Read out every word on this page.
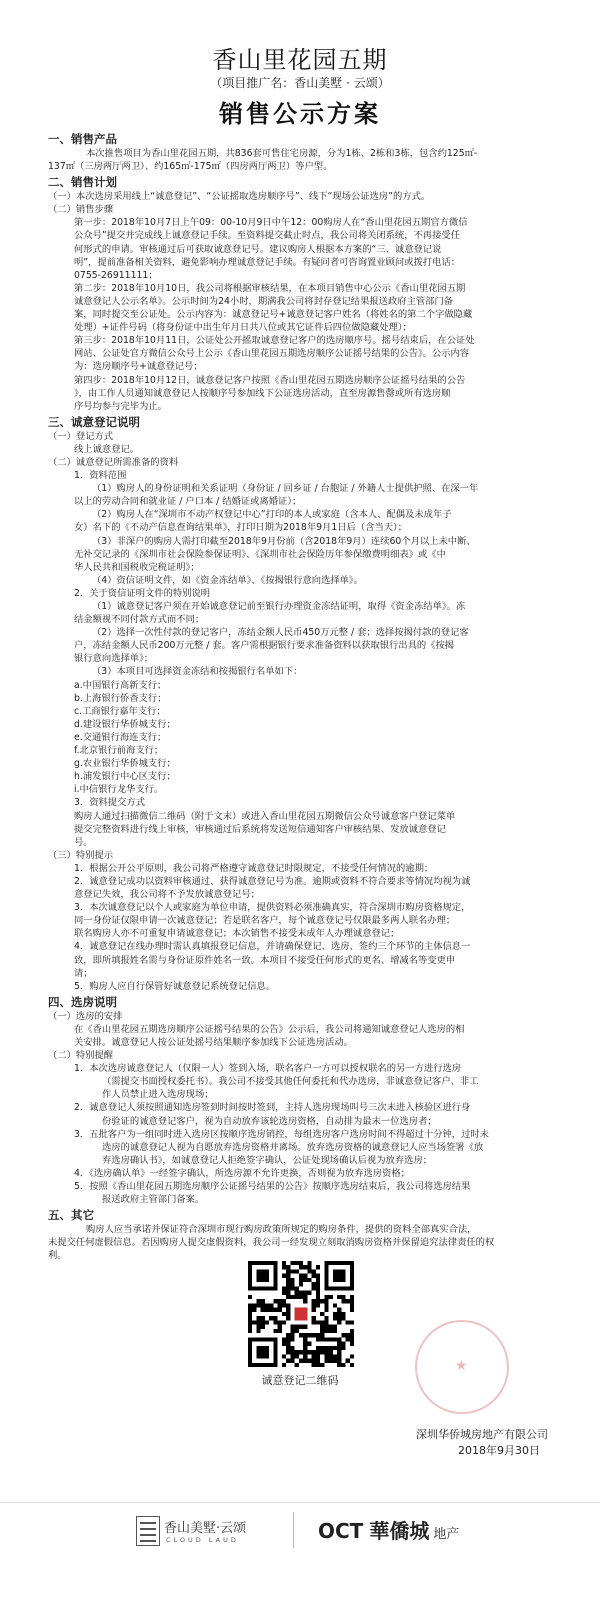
香山里花园五期
（项目推广名：香山美墅 · 云颂）
销售公示方案
一、销售产品
本次推售项目为香山里花园五期，共836套可售住宅房源，分为1栋、2栋和3栋，包含约125㎡-
137㎡（三房两厅两卫）、约165㎡-175㎡（四房两厅两卫）等户型。
二、销售计划
（一）本次选房采用线上“诚意登记”、“公证摇取选房顺序号”、线下“现场公证选房”的方式。
（二）销售步骤
第一步：2018年10月7日上午09：00-10月9日中午12：00购房人在“香山里花园五期官方微信
公众号”提交并完成线上诚意登记手续。至资料提交截止时点，我公司将关闭系统，不再接受任
何形式的申请。审核通过后可获取诚意登记号。建议购房人根据本方案的“三、诚意登记说
明”，提前准备相关资料，避免影响办理诚意登记手续。有疑问者可咨询置业顾问或拨打电话：
0755-26911111；
第二步：2018年10月10日，我公司将根据审核结果，在本项目销售中心公示《香山里花园五期
诚意登记人公示名单》。公示时间为24小时，期满我公司将封存登记结果报送政府主管部门备
案，同时提交至公证处。公示内容为：诚意登记号+诚意登记客户姓名（将姓名的第二个字做隐藏
处理）+证件号码（将身份证中出生年月日共八位或其它证件后四位做隐藏处理）；
第三步：2018年10月11日，公证处公开摇取诚意登记客户的选房顺序号。摇号结束后，在公证处
网站、公证处官方微信公众号上公示《香山里花园五期选房顺序公证摇号结果的公告》。公示内容
为：选房顺序号+诚意登记号；
第四步：2018年10月12日，诚意登记客户按照《香山里花园五期选房顺序公证摇号结果的公告
》，由工作人员通知诚意登记人按顺序号参加线下公证选房活动，直至房源售罄或所有选房顺
序号均参与完毕为止。
三、诚意登记说明
（一）登记方式
线上诚意登记。
（二）诚意登记所需准备的资料
1．资料范围
（1）购房人的身份证明和关系证明（身份证 / 回乡证 / 台胞证 / 外籍人士提供护照、在深一年
以上的劳动合同和就业证 / 户口本 / 结婚证或离婚证）；
（2）购房人在“深圳市不动产权登记中心”打印的本人或家庭（含本人、配偶及未成年子
女）名下的《不动产信息查询结果单》，打印日期为2018年9月1日后（含当天）；
（3）非深户的购房人需打印截至2018年9月份前（含2018年9月）连续60个月以上未中断、
无补交记录的《深圳市社会保险参保证明》、《深圳市社会保险历年参保缴费明细表》或《中
华人民共和国税收完税证明》；
（4）资信证明文件，如《资金冻结单》、《按揭银行意向选择单》。
2．关于资信证明文件的特别说明
（1）诚意登记客户须在开始诚意登记前至银行办理资金冻结证明，取得《资金冻结单》。冻
结金额视不同付款方式而不同；
（2）选择一次性付款的登记客户，冻结金额人民币450万元整 / 套；选择按揭付款的登记客
户，冻结金额人民币200万元整 / 套。客户需根据银行要求准备资料以获取银行出具的《按揭
银行意向选择单》；
（3）本项目可选择资金冻结和按揭银行名单如下：
a.中国银行高新支行；
b.上海银行侨香支行；
c.工商银行嘉年支行；
d.建设银行华侨城支行；
e.交通银行海连支行；
f.北京银行前海支行；
g.农业银行华侨城支行；
h.浦发银行中心区支行；
i.中信银行龙华支行。
3．资料提交方式
购房人通过扫描微信二维码（附于文末）或进入香山里花园五期微信公众号诚意客户登记菜单
提交完整资料进行线上审核，审核通过后系统将发送短信通知客户审核结果、发放诚意登记
号。
（三）特别提示
1．根据公开公平原则，我公司将严格遵守诚意登记时限规定，不接受任何情况的逾期；
2．诚意登记成功以资料审核通过、获得诚意登记号为准。逾期或资料不符合要求等情况均视为诚
意登记失效，我公司将不予发放诚意登记号；
3．本次诚意登记以个人或家庭为单位申请，提供资料必须准确真实，符合深圳市购房资格规定，
同一身份证仅限申请一次诚意登记；若是联名客户，每个诚意登记号仅限最多两人联名办理；
联名购房人亦不可重复申请诚意登记；本次销售不接受未成年人办理诚意登记；
4．诚意登记在线办理时需认真填报登记信息，并请确保登记、选房、签约三个环节的主体信息一
致，即所填报姓名需与身份证原件姓名一致。本项目不接受任何形式的更名、增减名等变更申
请；
5．购房人应自行保管好诚意登记系统登记信息。
四、选房说明
（一）选房的安排
在《香山里花园五期选房顺序公证摇号结果的公告》公示后，我公司将通知诚意登记人选房的相
关安排。诚意登记人按公证处摇号结果顺序参加线下公证选房活动。
（二）特别提醒
1．本次选房诚意登记人（仅限一人）签到入场，联名客户一方可以授权联名的另一方进行选房
（需提交书面授权委托书）。我公司不接受其他任何委托和代办选房，非诚意登记客户、非工
作人员禁止进入选房现场；
2．诚意登记人须按照通知选房签到时间按时签到，主持人选房现场叫号三次未进入核验区进行身
份验证的诚意登记客户，视为自动放弃该轮选房资格，自动排为最末一位选房者；
3．五批客户为一组同时进入选房区按顺序选房销控，每组选房客户选房时间不得超过十分钟，过时未
选房的诚意登记人视为自愿放弃选房资格并离场。放弃选房资格的诚意登记人应当场签署《放
弃选房确认书》，如诚意登记人拒绝签字确认，公证处现场确认后视为放弃选房；
4．《选房确认单》一经签字确认，所选房源不允许更换，否则视为放弃选房资格；
5．按照《香山里花园五期选房顺序公证摇号结果的公告》按顺序选房结束后，我公司将选房结果
报送政府主管部门备案。
五、其它
购房人应当承诺并保证符合深圳市现行购房政策所规定的购房条件，提供的资料全部真实合法，
未提交任何虚假信息。若因购房人提交虚假资料，我公司一经发现立刻取消购房资格并保留追究法律责任的权
利。
诚意登记二维码
★
深圳华侨城房地产有限公司
2018年9月30日
香山美墅·云颂
CLOUD LAUD	OCT 華僑城 地产
